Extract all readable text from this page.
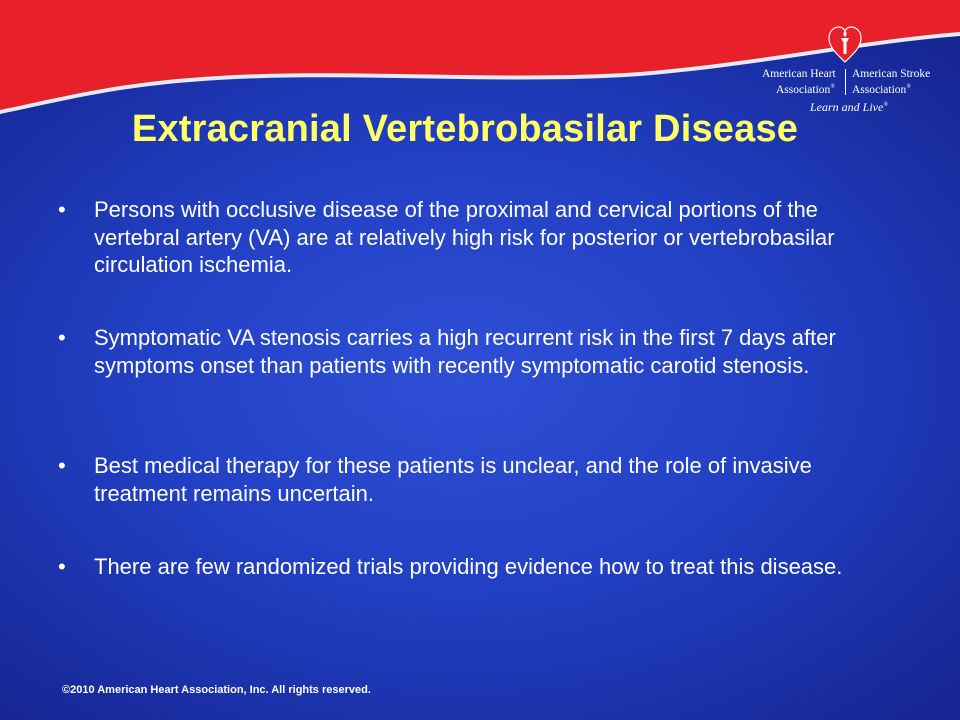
American Heart
Association®
American Stroke
Association®
Learn and Live®
Extracranial Vertebrobasilar Disease
• Persons with occlusive disease of the proximal and cervical portions of the vertebral artery (VA) are at relatively high risk for posterior or vertebrobasilar circulation ischemia.
• Symptomatic VA stenosis carries a high recurrent risk in the first 7 days after symptoms onset than patients with recently symptomatic carotid stenosis.
• Best medical therapy for these patients is unclear, and the role of invasive treatment remains uncertain.
• There are few randomized trials providing evidence how to treat this disease.
©2010 American Heart Association, Inc. All rights reserved.
